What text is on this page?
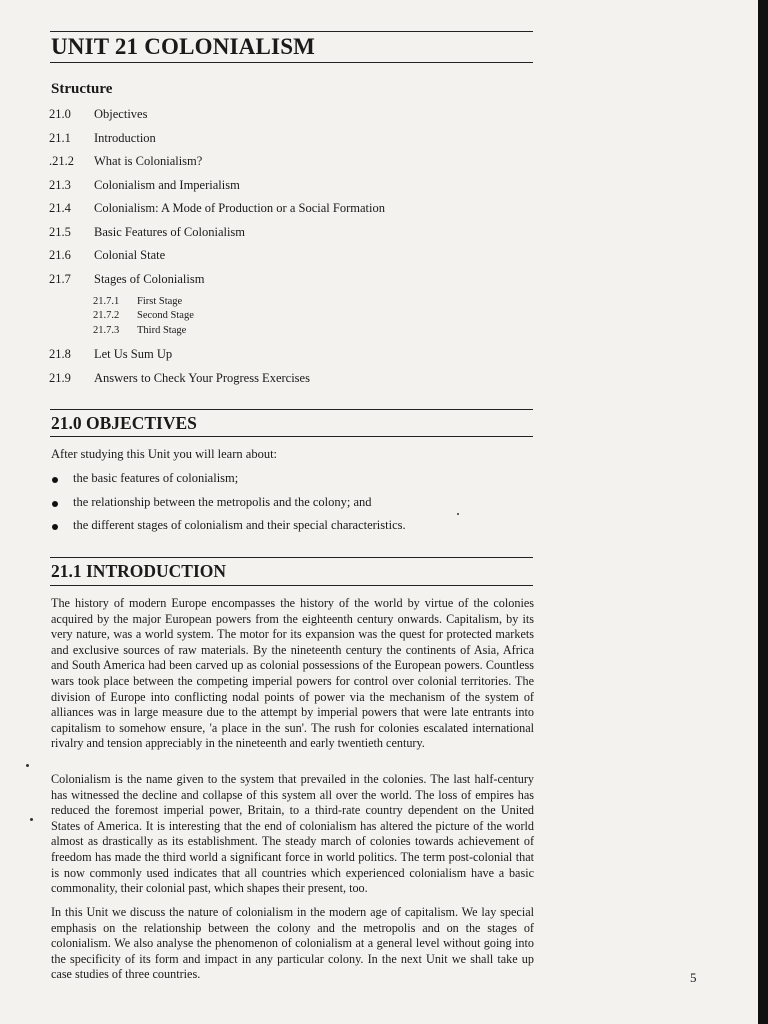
UNIT 21 COLONIALISM
Structure
21.0 Objectives
21.1 Introduction
.21.2 What is Colonialism?
21.3 Colonialism and Imperialism
21.4 Colonialism: A Mode of Production or a Social Formation
21.5 Basic Features of Colonialism
21.6 Colonial State
21.7 Stages of Colonialism
21.7.1 First Stage
21.7.2 Second Stage
21.7.3 Third Stage
21.8 Let Us Sum Up
21.9 Answers to Check Your Progress Exercises
21.0 OBJECTIVES
After studying this Unit you will learn about:
the basic features of colonialism;
the relationship between the metropolis and the colony; and
the different stages of colonialism and their special characteristics.
21.1 INTRODUCTION

The history of modern Europe encompasses the history of the world by virtue of the colonies acquired by the major European powers from the eighteenth century onwards. Capitalism, by its very nature, was a world system. The motor for its expansion was the quest for protected markets and exclusive sources of raw materials. By the nineteenth century the continents of Asia, Africa and South America had been carved up as colonial possessions of the European powers. Countless wars took place between the competing imperial powers for control over colonial territories. The division of Europe into conflicting nodal points of power via the mechanism of the system of alliances was in large measure due to the attempt by imperial powers that were late entrants into capitalism to somehow ensure, 'a place in the sun'. The rush for colonies escalated international rivalry and tension appreciably in the nineteenth and early twentieth century.

Colonialism is the name given to the system that prevailed in the colonies. The last half-century has witnessed the decline and collapse of this system all over the world. The loss of empires has reduced the foremost imperial power, Britain, to a third-rate country dependent on the United States of America. It is interesting that the end of colonialism has altered the picture of the world almost as drastically as its establishment. The steady march of colonies towards achievement of freedom has made the third world a significant force in world politics. The term post-colonial that is now commonly used indicates that all countries which experienced colonialism have a basic commonality, their colonial past, which shapes their present, too.

In this Unit we discuss the nature of colonialism in the modern age of capitalism. We lay special emphasis on the relationship between the colony and the metropolis and on the stages of colonialism. We also analyse the phenomenon of colonialism at a general level without going into the specificity of its form and impact in any particular colony. In the next Unit we shall take up case studies of three countries.	5
